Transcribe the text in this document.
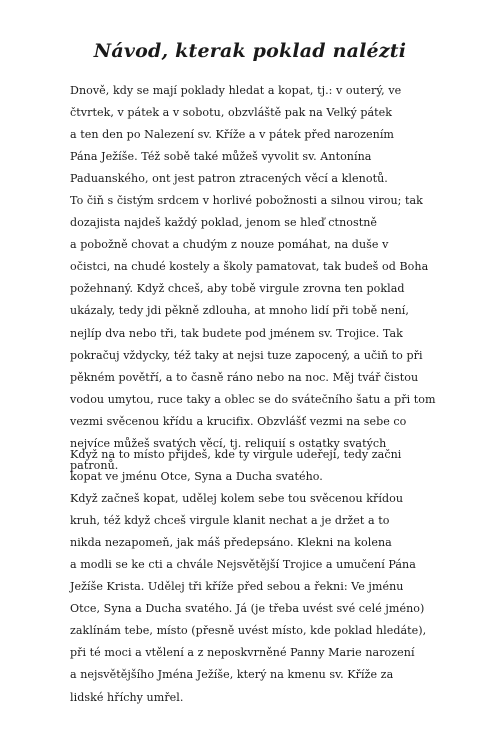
Návod, kterak poklad nalézti
Dnově, kdy se mají poklady hledat a kopat, tj.: v outerý, ve
čtvrtek, v pátek a v sobotu, obzvláště pak na Velký pátek
a ten den po Nalezení sv. Kříže a v pátek před narozením
Pána Ježíše. Též sobě také můžeš vyvolit sv. Antonína
Paduanského, ont jest patron ztracených věcí a klenotů.
To čiň s čistým srdcem v horlivé pobožnosti a silnou virou; tak
dozajista najdeš každý poklad, jenom se hleď ctnostně
a pobožně chovat a chudým z nouze pomáhat, na duše v
očistci, na chudé kostely a školy pamatovat, tak budeš od Boha
požehnaný. Když chceš, aby tobě virgule zrovna ten poklad
ukázaly, tedy jdi pěkně zdlouha, at mnoho lidí při tobě není,
nejlíp dva nebo tři, tak budete pod jménem sv. Trojice. Tak
pokračuj vždycky, též taky at nejsi tuze zapocený, a učiň to při
pěkném povětří, a to časně ráno nebo na noc. Měj tvář čistou
vodou umytou, ruce taky a oblec se do svátečního šatu a při tom
vezmi svěcenou křídu a krucifix. Obzvlášť vezmi na sebe co
nejvíce můžeš svatých věcí, tj. reliquií s ostatky svatých
patronů.
Když na to místo přijdeš, kde ty virgule udeřejí, tedy začni
kopat ve jménu Otce, Syna a Ducha svatého.
Když začneš kopat, udělej kolem sebe tou svěcenou křídou
kruh, též když chceš virgule klanit nechat a je držet a to
nikda nezapomeň, jak máš předepsáno. Klekni na kolena
a modli se ke cti a chvále Nejsvětější Trojice a umučení Pána
Ježíše Krista. Udělej tři kříže před sebou a řekni: Ve jménu
Otce, Syna a Ducha svatého. Já (je třeba uvést své celé jméno)
zaklínám tebe, místo (přesně uvést místo, kde poklad hledáte),
při té moci a vtělení a z neposkvrněné Panny Marie narození
a nejsvětějšího Jména Ježíše, který na kmenu sv. Kříže za
lidské hříchy umřel.
